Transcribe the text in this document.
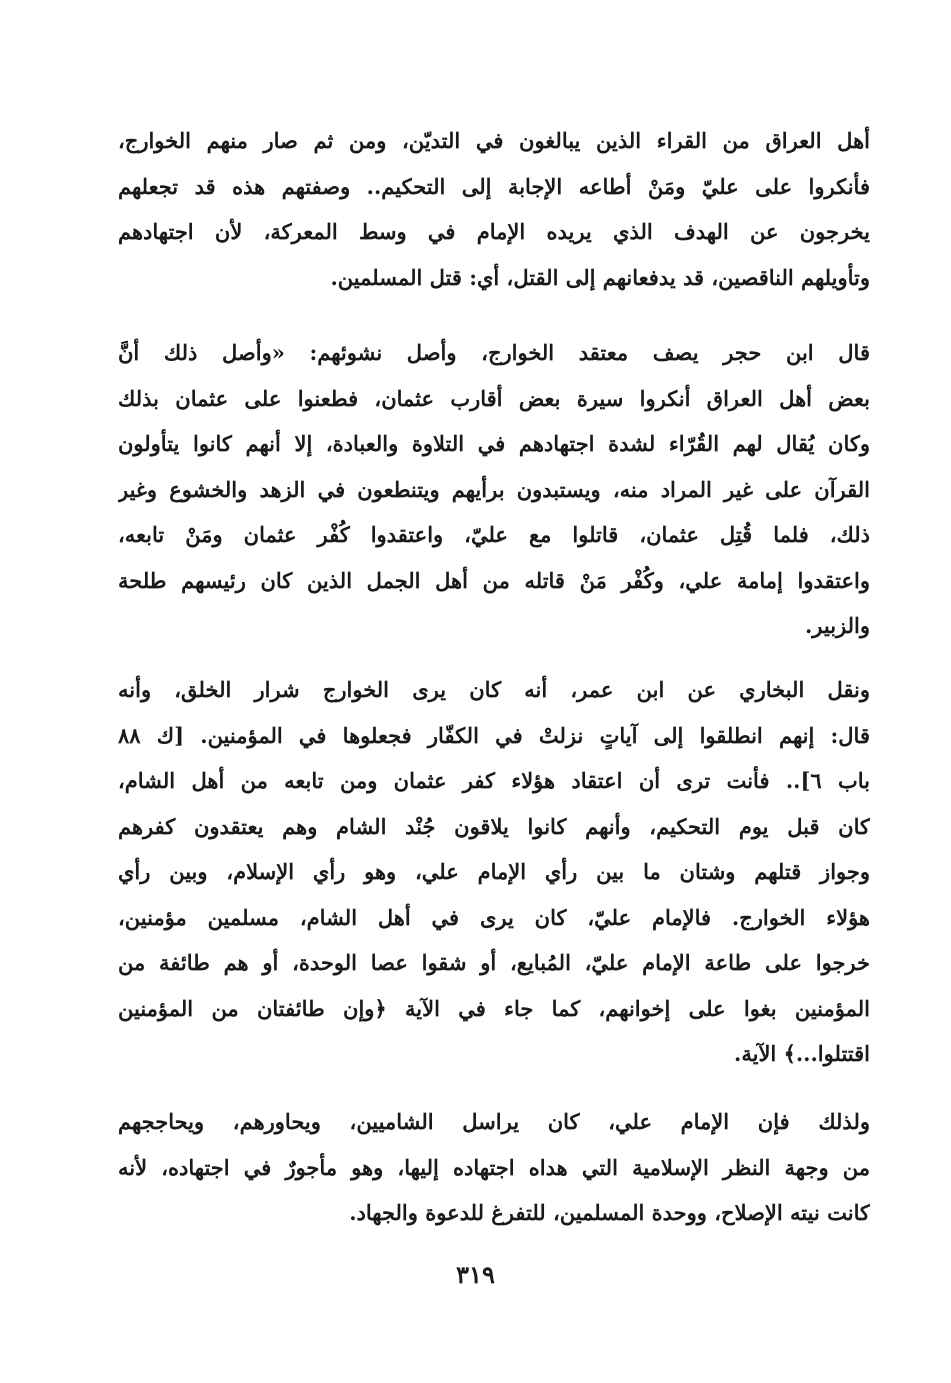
أهل العراق من القراء الذين يبالغون في التديّن، ومن ثم صار منهم الخوارج،
فأنكروا على عليّ ومَنْ أطاعه الإجابة إلى التحكيم.. وصفتهم هذه قد تجعلهم
يخرجون عن الهدف الذي يريده الإمام في وسط المعركة، لأن اجتهادهم
وتأويلهم الناقصين، قد يدفعانهم إلى القتل، أي: قتل المسلمين.
قال ابن حجر يصف معتقد الخوارج، وأصل نشوئهم: «وأصل ذلك أنَّ
بعض أهل العراق أنكروا سيرة بعض أقارب عثمان، فطعنوا على عثمان بذلك
وكان يُقال لهم القُرّاء لشدة اجتهادهم في التلاوة والعبادة، إلا أنهم كانوا يتأولون
القرآن على غير المراد منه، ويستبدون برأيهم ويتنطعون في الزهد والخشوع وغير
ذلك، فلما قُتِل عثمان، قاتلوا مع عليّ، واعتقدوا كُفْر عثمان ومَنْ تابعه،
واعتقدوا إمامة علي، وكُفْر مَنْ قاتله من أهل الجمل الذين كان رئيسهم طلحة
والزبير.
ونقل البخاري عن ابن عمر، أنه كان يرى الخوارج شرار الخلق، وأنه
قال: إنهم انطلقوا إلى آياتٍ نزلتْ في الكفّار فجعلوها في المؤمنين. [ك ٨٨
باب ٦].. فأنت ترى أن اعتقاد هؤلاء كفر عثمان ومن تابعه من أهل الشام،
كان قبل يوم التحكيم، وأنهم كانوا يلاقون جُنْد الشام وهم يعتقدون كفرهم
وجواز قتلهم وشتان ما بين رأي الإمام علي، وهو رأي الإسلام، وبين رأي
هؤلاء الخوارج. فالإمام عليّ، كان يرى في أهل الشام، مسلمين مؤمنين،
خرجوا على طاعة الإمام عليّ، المُبايع، أو شقوا عصا الوحدة، أو هم طائفة من
المؤمنين بغوا على إخوانهم، كما جاء في الآية ﴿وإن طائفتان من المؤمنين
اقتتلوا...﴾ الآية.
ولذلك فإن الإمام علي، كان يراسل الشاميين، ويحاورهم، ويحاججهم
من وجهة النظر الإسلامية التي هداه اجتهاده إليها، وهو مأجورٌ في اجتهاده، لأنه
كانت نيته الإصلاح، ووحدة المسلمين، للتفرغ للدعوة والجهاد.
٣١٩
